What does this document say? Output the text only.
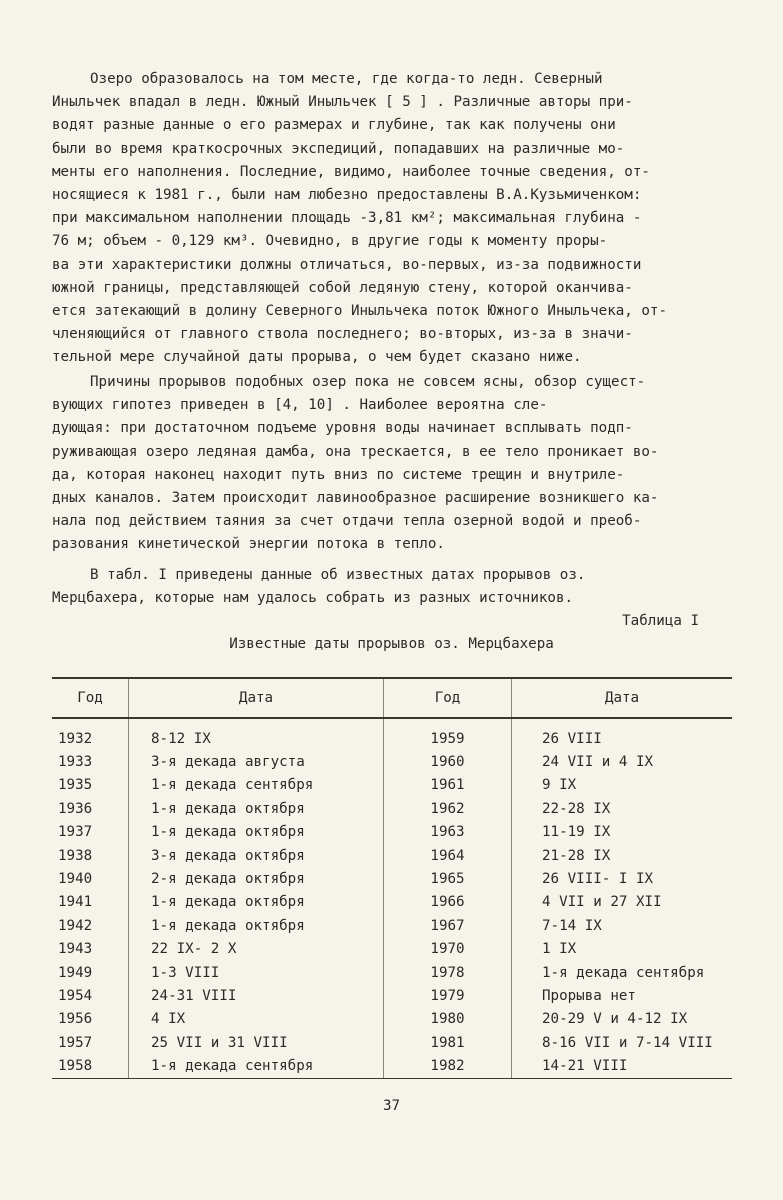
Озеро образовалось на том месте, где когда-то ледн. Северный
Иныльчек впадал в ледн. Южный Иныльчек [ 5 ] . Различные авторы при-
водят разные данные о его размерах и глубине, так как получены они
были во время краткосрочных экспедиций, попадавших на различные мо-
менты его наполнения. Последние, видимо, наиболее точные сведения, от-
носящиеся к 1981 г., были нам любезно предоставлены В.А.Кузьмиченком:
при максимальном наполнении площадь -3,81 км²; максимальная глубина -
76 м; объем - 0,129 км³. Очевидно, в другие годы к моменту проры-
ва эти характеристики должны отличаться, во-первых, из-за подвижности
южной границы, представляющей собой ледяную стену, которой оканчива-
ется затекающий в долину Северного Иныльчека поток Южного Иныльчека, от-
членяющийся от главного ствола последнего; во-вторых, из-за в значи-
тельной мере случайной даты прорыва, о чем будет сказано ниже.
Причины прорывов подобных озер пока не совсем ясны, обзор сущест-
вующих гипотез приведен в [4, 10] . Наиболее вероятна сле-
дующая: при достаточном подъеме уровня воды начинает всплывать подп-
руживающая озеро ледяная дамба, она трескается, в ее тело проникает во-
да, которая наконец находит путь вниз по системе трещин и внутриле-
дных каналов. Затем происходит лавинообразное расширение возникшего ка-
нала под действием таяния за счет отдачи тепла озерной водой и преоб-
разования кинетической энергии потока в тепло.
В табл. I приведены данные об известных датах прорывов оз.
Мерцбахера, которые нам удалось собрать из разных источников.
Таблица I
Известные даты прорывов оз. Мерцбахера
Год	Дата	Год	Дата
1932	8-12 IX	1959	26 VIII
1933	3-я декада августа	1960	24 VII и 4 IX
1935	1-я декада сентября	1961	9 IX
1936	1-я декада октября	1962	22-28 IX
1937	1-я декада октября	1963	11-19 IX
1938	3-я декада октября	1964	21-28 IX
1940	2-я декада октября	1965	26 VIII- I IX
1941	1-я декада октября	1966	4 VII и 27 XII
1942	1-я декада октября	1967	7-14 IX
1943	22 IX- 2 X	1970	1 IX
1949	1-3 VIII	1978	1-я декада сентября
1954	24-31 VIII	1979	Прорыва нет
1956	4 IX	1980	20-29 V и 4-12 IX
1957	25 VII и 31 VIII	1981	8-16 VII и 7-14 VIII
1958	1-я декада сентября	1982	14-21 VIII
37
